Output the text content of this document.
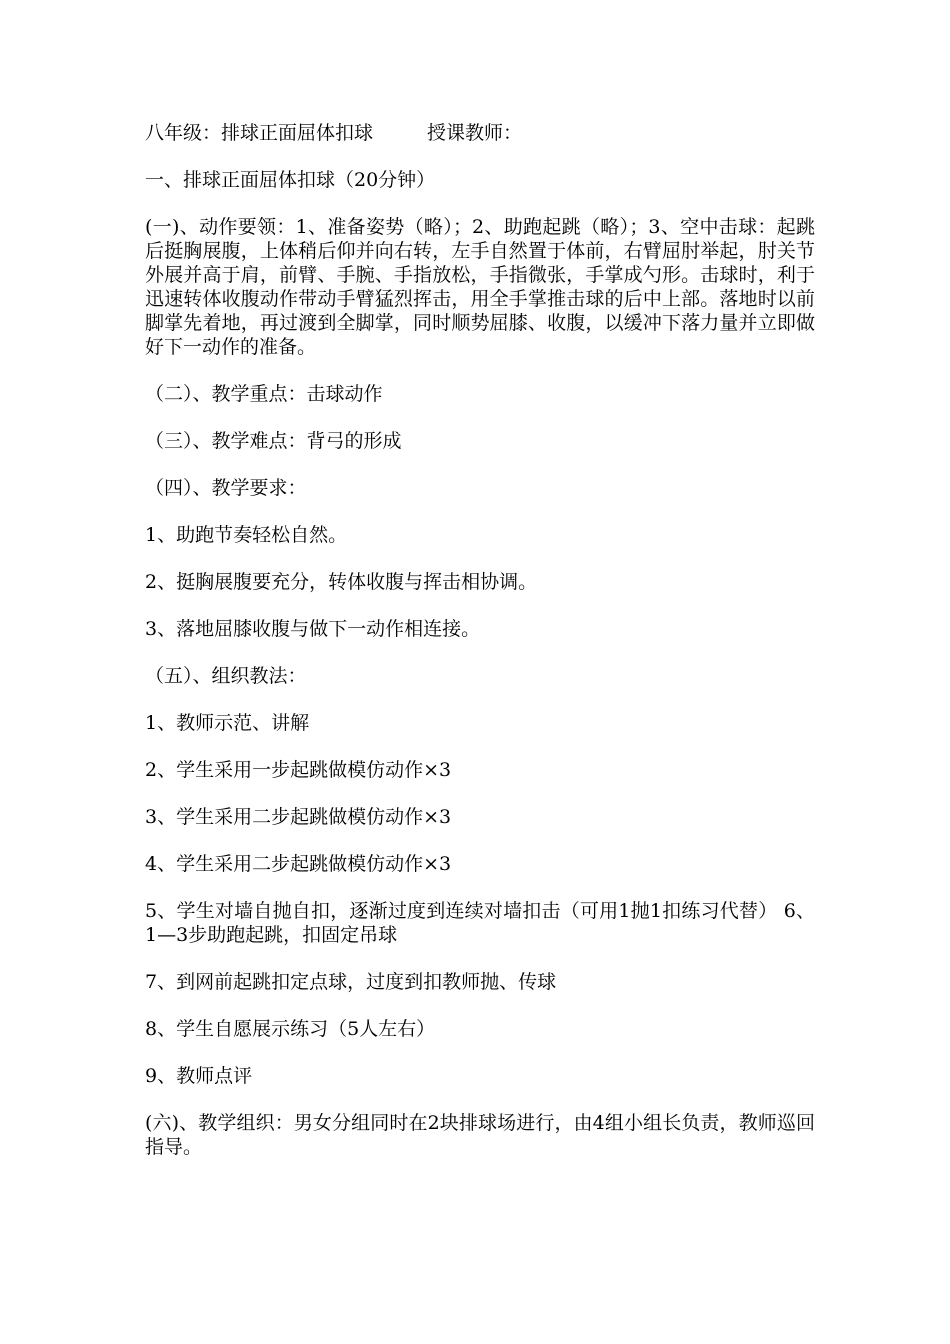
八年级：排球正面屈体扣球	授课教师：

一、排球正面屈体扣球（20分钟）

(一)、动作要领：1、准备姿势（略）；2、助跑起跳（略）；3、空中击球：起跳后挺胸展腹，上体稍后仰并向右转，左手自然置于体前，右臂屈肘举起，肘关节外展并高于肩，前臂、手腕、手指放松，手指微张，手掌成勺形。击球时，利于迅速转体收腹动作带动手臂猛烈挥击，用全手掌推击球的后中上部。落地时以前脚掌先着地，再过渡到全脚掌，同时顺势屈膝、收腹，以缓冲下落力量并立即做好下一动作的准备。

（二）、教学重点：击球动作

（三）、教学难点：背弓的形成

（四）、教学要求：

1、助跑节奏轻松自然。

2、挺胸展腹要充分，转体收腹与挥击相协调。

3、落地屈膝收腹与做下一动作相连接。

（五）、组织教法：

1、教师示范、讲解

2、学生采用一步起跳做模仿动作×3

3、学生采用二步起跳做模仿动作×3

4、学生采用二步起跳做模仿动作×3

5、学生对墙自抛自扣，逐渐过度到连续对墙扣击（可用1抛1扣练习代替） 6、1—3步助跑起跳，扣固定吊球

7、到网前起跳扣定点球，过度到扣教师抛、传球

8、学生自愿展示练习（5人左右）

9、教师点评

(六)、教学组织：男女分组同时在2块排球场进行，由4组小组长负责，教师巡回指导。
